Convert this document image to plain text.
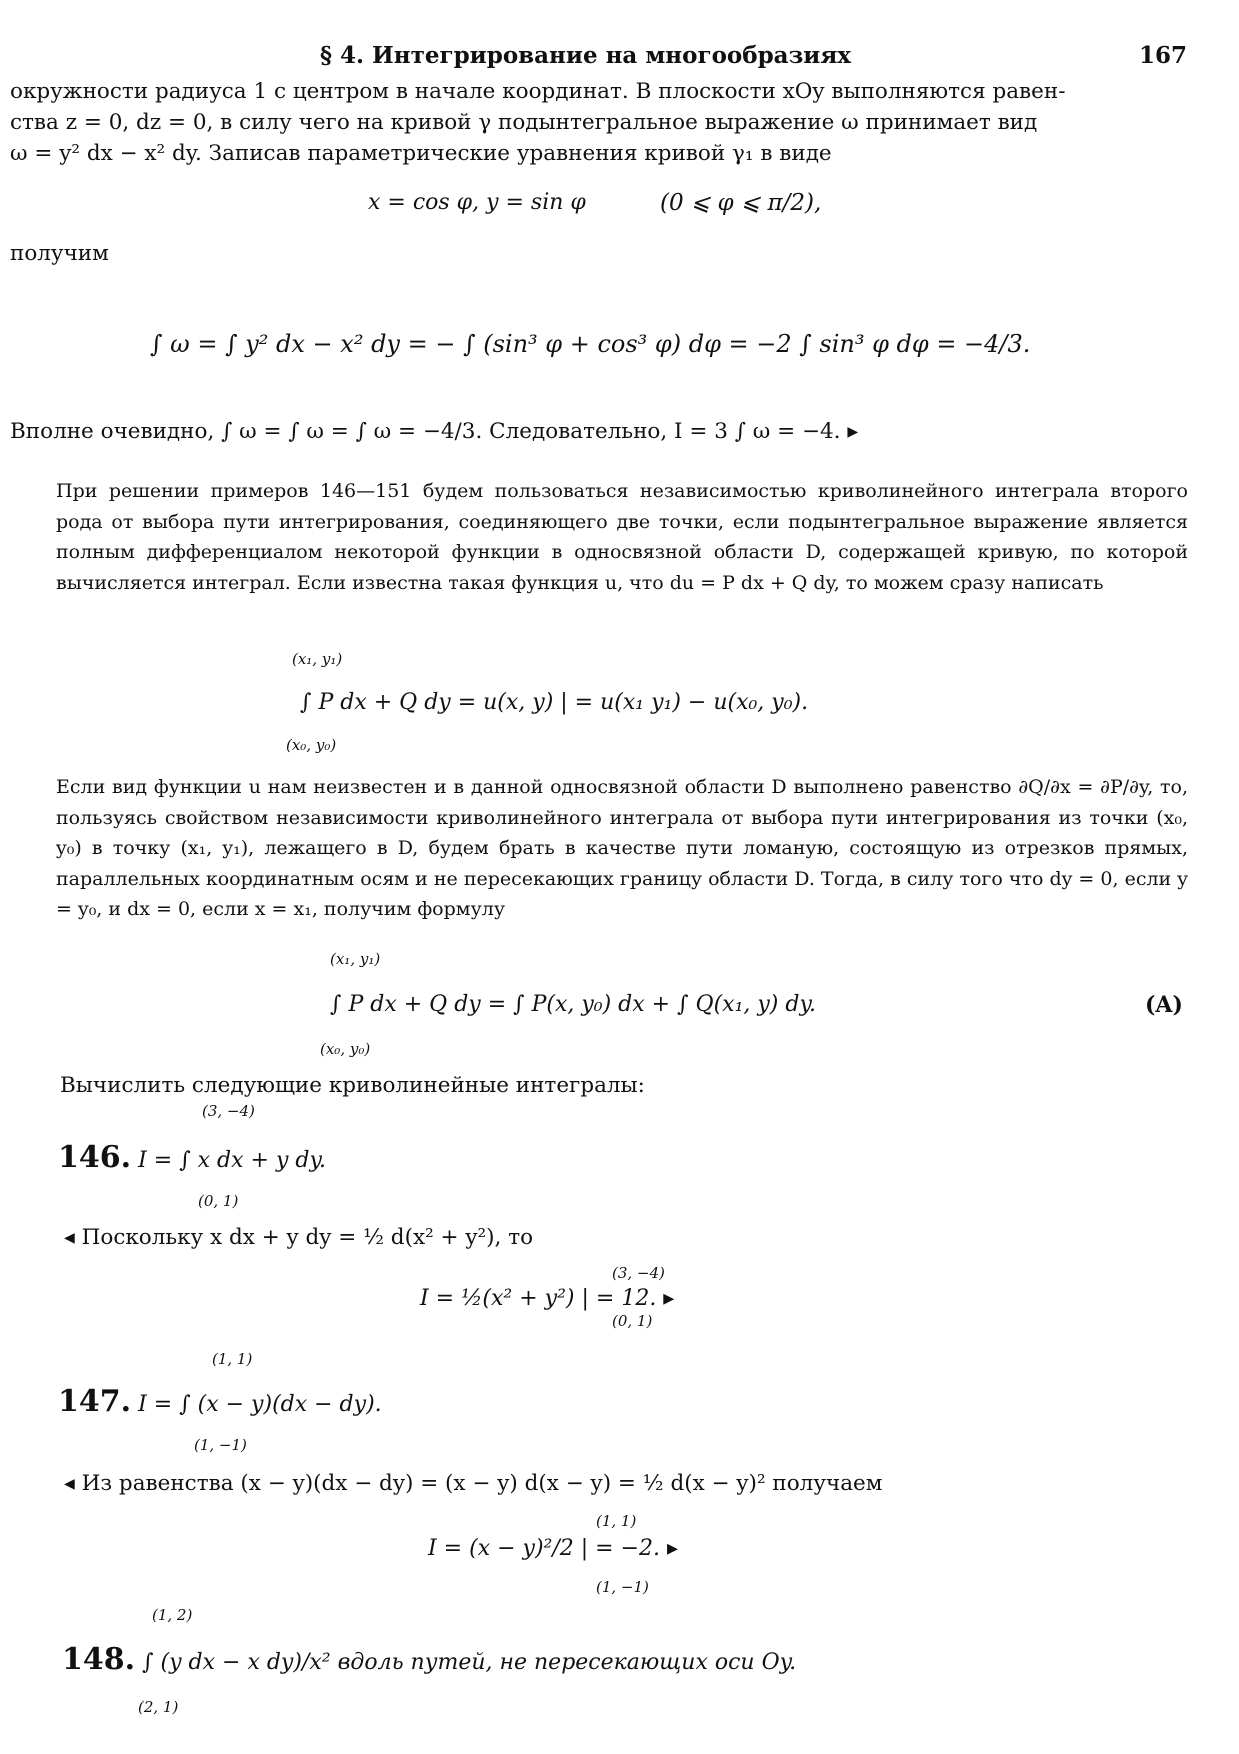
§ 4. Интегрирование на многообразиях	167
окружности радиуса 1 с центром в начале координат. В плоскости xOy выполняются равен-
ства z = 0, dz = 0, в силу чего на кривой γ подынтегральное выражение ω принимает вид
ω = y² dx − x² dy. Записав параметрические уравнения кривой γ₁ в виде
x = cos φ, y = sin φ	(0 ⩽ φ ⩽ π/2),
получим
∫ ω = ∫ y² dx − x² dy = − ∫ (sin³ φ + cos³ φ) dφ = −2 ∫ sin³ φ dφ = −4/3.
Вполне очевидно, ∫ ω = ∫ ω = ∫ ω = −4/3. Следовательно, I = 3 ∫ ω = −4. ▸
При решении примеров 146—151 будем пользоваться независимостью криволинейного интеграла второго рода от выбора пути интегрирования, соединяющего две точки, если подынтегральное выражение является полным дифференциалом некоторой функции в односвязной области D, содержащей кривую, по которой вычисляется интеграл. Если известна такая функция u, что du = P dx + Q dy, то можем сразу написать
∫ P dx + Q dy = u(x, y) | = u(x₁ y₁) − u(x₀, y₀).
(x₁, y₁)
(x₀, y₀)
Если вид функции u нам неизвестен и в данной односвязной области D выполнено равенство ∂Q/∂x = ∂P/∂y, то, пользуясь свойством независимости криволинейного интеграла от выбора пути интегрирования из точки (x₀, y₀) в точку (x₁, y₁), лежащего в D, будем брать в качестве пути ломаную, состоящую из отрезков прямых, параллельных координатным осям и не пересекающих границу области D. Тогда, в силу того что dy = 0, если y = y₀, и dx = 0, если x = x₁, получим формулу
∫ P dx + Q dy = ∫ P(x, y₀) dx + ∫ Q(x₁, y) dy.	(A)
(x₁, y₁)
(x₀, y₀)
Вычислить следующие криволинейные интегралы:
(3, −4)
146. I = ∫ x dx + y dy.
(0, 1)
◂ Поскольку x dx + y dy = ½ d(x² + y²), то
I = ½(x² + y²) | = 12. ▸
(3, −4)
(0, 1)
(1, 1)
147. I = ∫ (x − y)(dx − dy).
(1, −1)
◂ Из равенства (x − y)(dx − dy) = (x − y) d(x − y) = ½ d(x − y)² получаем
I = (x − y)²/2 | = −2. ▸
(1, 1)
(1, −1)
(1, 2)
148. ∫ (y dx − x dy)/x² вдоль путей, не пересекающих оси Oy.
(2, 1)
